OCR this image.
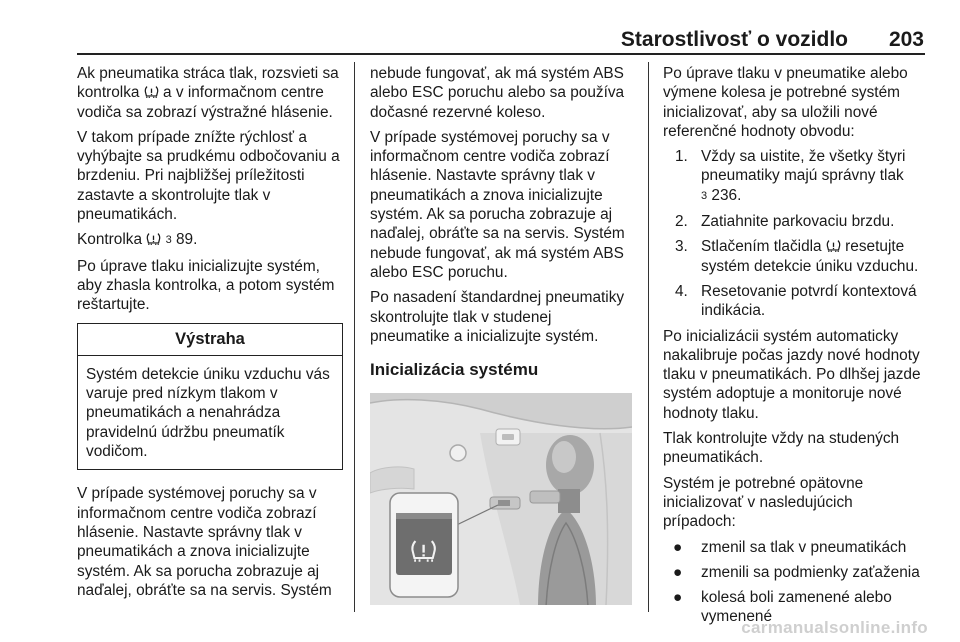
Starostlivosť o vozidlo 203

Ak pneumatika stráca tlak, rozsvieti sa kontrolka  a v informačnom centre vodiča sa zobrazí výstražné hlásenie.

V takom prípade znížte rýchlosť a vyhýbajte sa prudkému odbočovaniu a brzdeniu. Pri najbližšej príležitosti zastavte a skontrolujte tlak v pneumatikách.

Kontrolka  3 89.

Po úprave tlaku inicializujte systém, aby zhasla kontrolka, a potom systém reštartujte.

Výstraha
Systém detekcie úniku vzduchu vás varuje pred nízkym tlakom v pneumatikách a nenahrádza pravidelnú údržbu pneumatík vodičom.

V prípade systémovej poruchy sa v informačnom centre vodiča zobrazí hlásenie. Nastavte správny tlak v pneumatikách a znova inicializujte systém. Ak sa porucha zobrazuje aj naďalej, obráťte sa na servis. Systém

nebude fungovať, ak má systém ABS alebo ESC poruchu alebo sa používa dočasné rezervné koleso.

V prípade systémovej poruchy sa v informačnom centre vodiča zobrazí hlásenie. Nastavte správny tlak v pneumatikách a znova inicializujte systém. Ak sa porucha zobrazuje aj naďalej, obráťte sa na servis. Systém nebude fungovať, ak má systém ABS alebo ESC poruchu.

Po nasadení štandardnej pneumatiky skontrolujte tlak v studenej pneumatike a inicializujte systém.

Inicializácia systému

Po úprave tlaku v pneumatike alebo výmene kolesa je potrebné systém inicializovať, aby sa uložili nové referenčné hodnoty obvodu:

1. Vždy sa uistite, že všetky štyri pneumatiky majú správny tlak
3 236.
2. Zatiahnite parkovaciu brzdu.
3. Stlačením tlačidla  resetujte systém detekcie úniku vzduchu.
4. Resetovanie potvrdí kontextová indikácia.

Po inicializácii systém automaticky nakalibruje počas jazdy nové hodnoty tlaku v pneumatikách. Po dlhšej jazde systém adoptuje a monitoruje nové hodnoty tlaku.

Tlak kontrolujte vždy na studených pneumatikách.

Systém je potrebné opätovne inicializovať v nasledujúcich prípadoch:

● zmenil sa tlak v pneumatikách
● zmenili sa podmienky zaťaženia
● kolesá boli zamenené alebo vymenené
carmanualsonline.info
